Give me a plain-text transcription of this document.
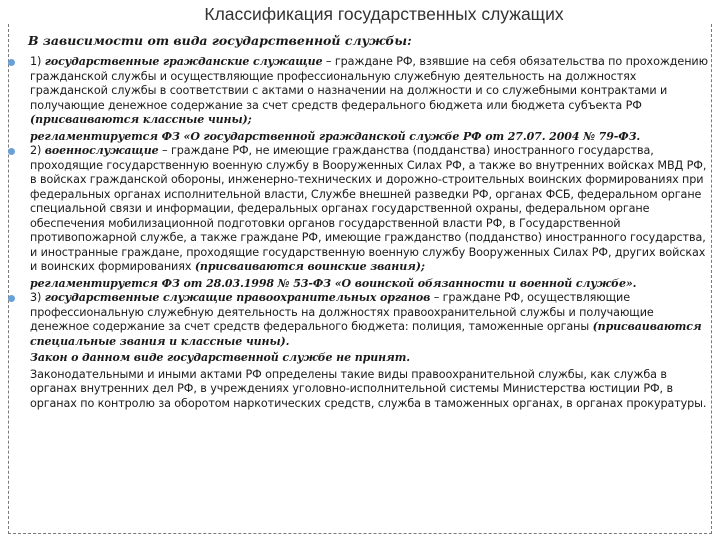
Классификация государственных служащих
В зависимости от вида государственной службы:
1) государственные гражданские служащие – граждане РФ, взявшие на себя обязательства по прохождению гражданской службы и осуществляющие профессиональную служебную деятельность на должностях гражданской службы в соответствии с актами о назначении на должности и со служебными контрактами и получающие денежное содержание за счет средств федерального бюджета или бюджета субъекта РФ (присваиваются классные чины);
регламентируется ФЗ «О государственной гражданской службе РФ от 27.07. 2004 № 79-ФЗ.
2) военнослужащие – граждане РФ, не имеющие гражданства (подданства) иностранного государства, проходящие государственную военную службу в Вооруженных Силах РФ, а также во внутренних войсках МВД РФ, в войсках гражданской обороны, инженерно-технических и дорожно-строительных воинских формированиях при федеральных органах исполнительной власти, Службе внешней разведки РФ, органах ФСБ, федеральном органе специальной связи и информации, федеральных органах государственной охраны, федеральном органе обеспечения мобилизационной подготовки органов государственной власти РФ, в Государственной противопожарной службе, а также граждане РФ, имеющие гражданство (подданство) иностранного государства, и иностранные граждане, проходящие государственную военную службу Вооруженных Силах РФ, других войсках и воинских формированиях (присваиваются воинские звания);
регламентируется ФЗ от 28.03.1998 № 53-ФЗ «О воинской обязанности и военной службе».
3) государственные служащие правоохранительных органов – граждане РФ, осуществляющие профессиональную служебную деятельность на должностях правоохранительной службы и получающие денежное содержание за счет средств федерального бюджета: полиция, таможенные органы (присваиваются специальные звания и классные чины).
Закон о данном виде государственной службе не принят.
Законодательными и иными актами РФ определены такие виды правоохранительной службы, как служба в органах внутренних дел РФ, в учреждениях уголовно-исполнительной системы Министерства юстиции РФ, в органах по контролю за оборотом наркотических средств, служба в таможенных органах, в органах прокуратуры.
